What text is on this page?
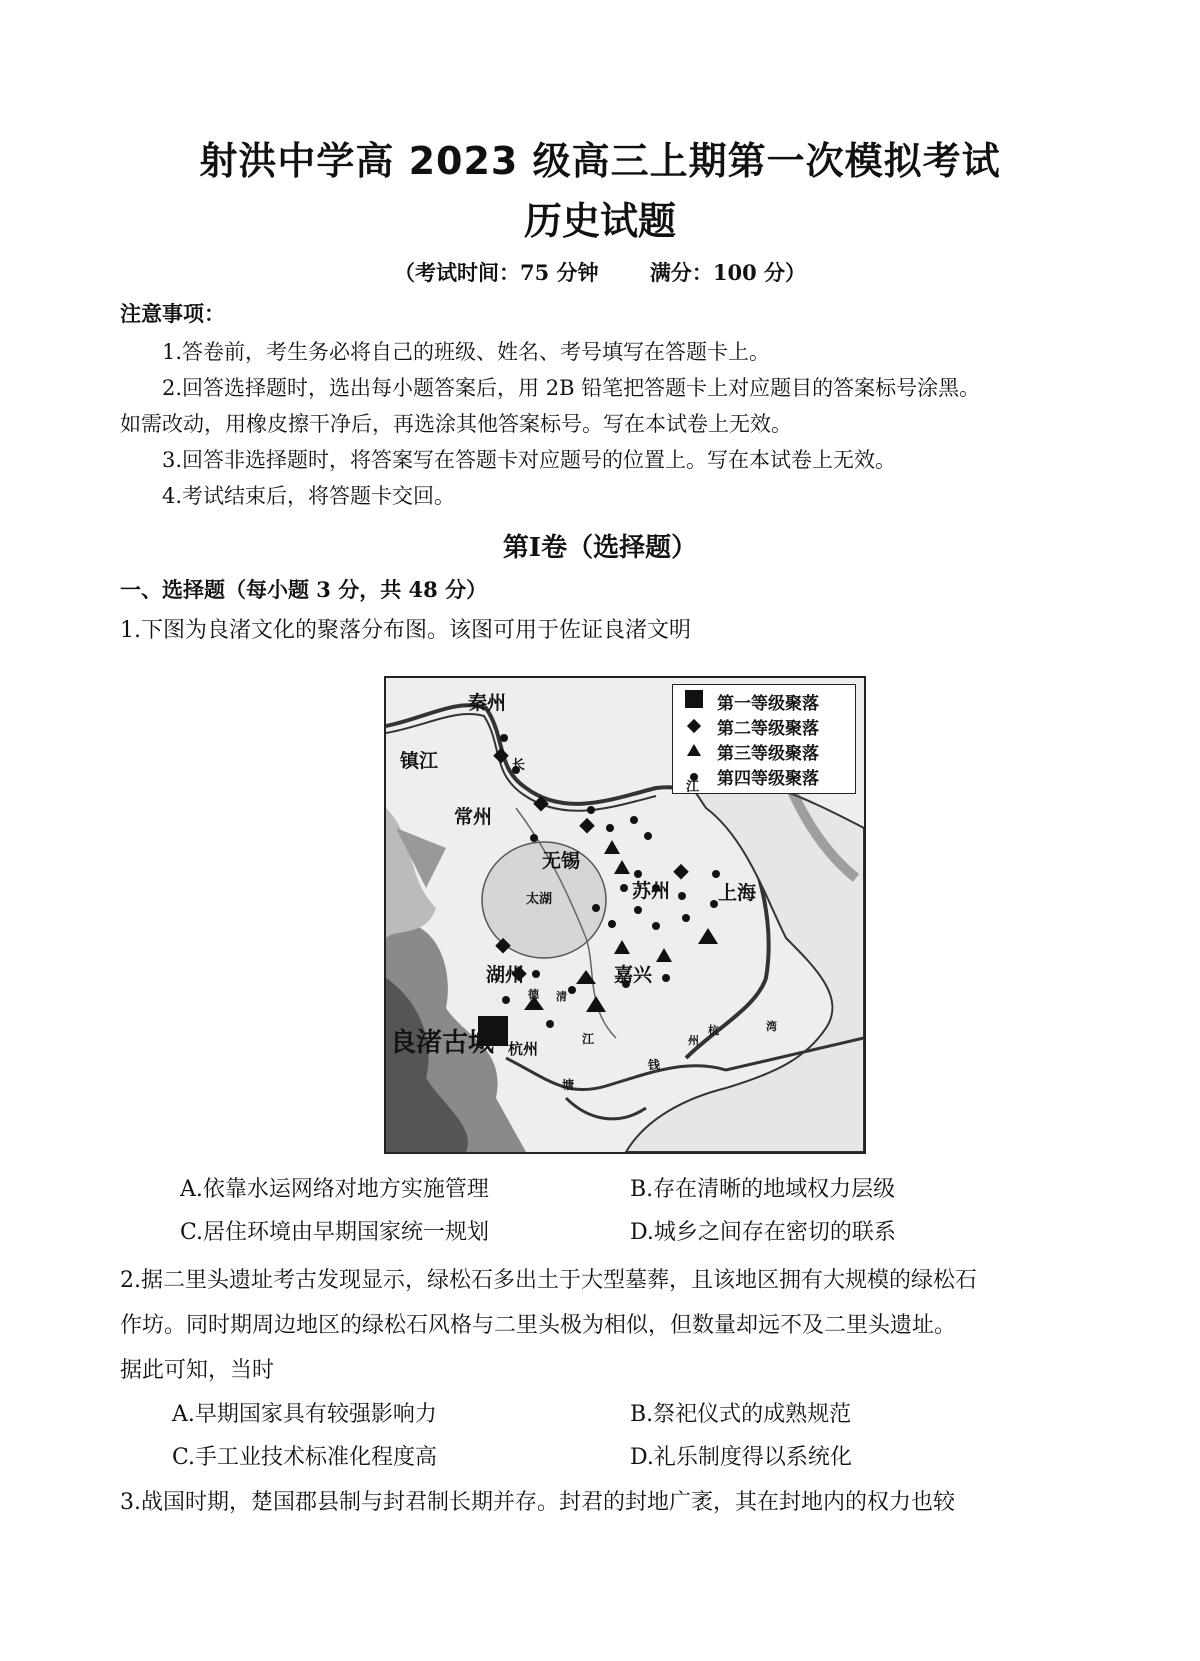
射洪中学高 2023 级高三上期第一次模拟考试
历史试题
（考试时间：75 分钟 满分：100 分）
注意事项：
1.答卷前，考生务必将自己的班级、姓名、考号填写在答题卡上。
2.回答选择题时，选出每小题答案后，用 2B 铅笔把答题卡上对应题目的答案标号涂黑。
如需改动，用橡皮擦干净后，再选涂其他答案标号。写在本试卷上无效。
3.回答非选择题时，将答案写在答题卡对应题号的位置上。写在本试卷上无效。
4.考试结束后，将答题卡交回。
第Ⅰ卷（选择题）
一、选择题（每小题 3 分，共 48 分）
1.下图为良渚文化的聚落分布图。该图可用于佐证良渚文明
第一等级聚落
第二等级聚落
第三等级聚落
第四等级聚落
秦州
镇江
常州
无锡
苏州	上海
太湖
湖州	嘉兴
良渚古城 杭州
长
江
钱
塘
江
杭
州
湾
德 清
A.依靠水运网络对地方实施管理	B.存在清晰的地域权力层级
C.居住环境由早期国家统一规划	D.城乡之间存在密切的联系
2.据二里头遗址考古发现显示，绿松石多出土于大型墓葬，且该地区拥有大规模的绿松石
作坊。同时期周边地区的绿松石风格与二里头极为相似，但数量却远不及二里头遗址。
据此可知，当时
A.早期国家具有较强影响力	B.祭祀仪式的成熟规范
C.手工业技术标准化程度高	D.礼乐制度得以系统化
3.战国时期，楚国郡县制与封君制长期并存。封君的封地广袤，其在封地内的权力也较
